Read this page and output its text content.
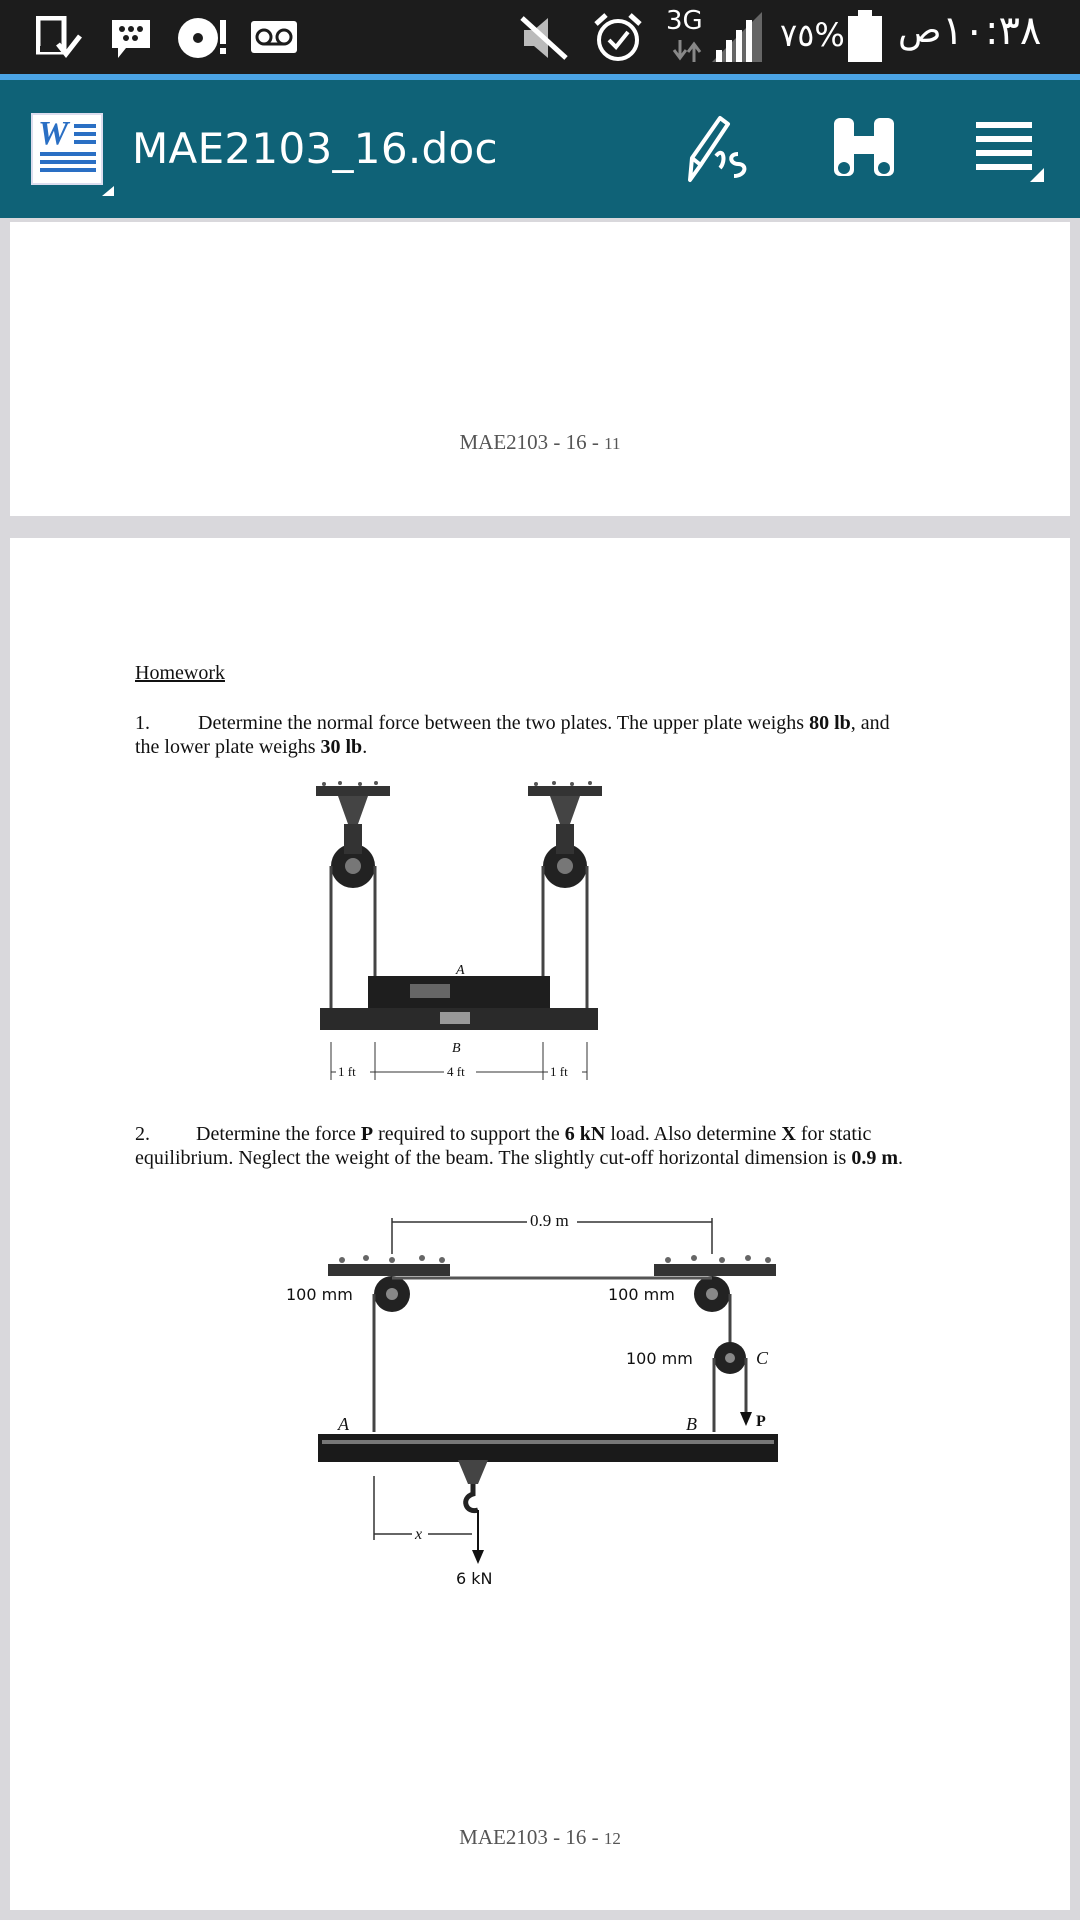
3G ٧٥% ص ١٠:٣٨
W MAE2103_16.doc
MAE2103 - 16 - 11
Homework
1. Determine the normal force between the two plates. The upper plate weighs 80 lb, and
the lower plate weighs 30 lb.
A
B
1 ft	4 ft	1 ft
2. Determine the force P required to support the 6 kN load. Also determine X for static
equilibrium. Neglect the weight of the beam. The slightly cut-off horizontal dimension is 0.9 m.
0.9 m
100 mm	100 mm
100 mm	C
P
A	B
6 kN
x
MAE2103 - 16 - 12
